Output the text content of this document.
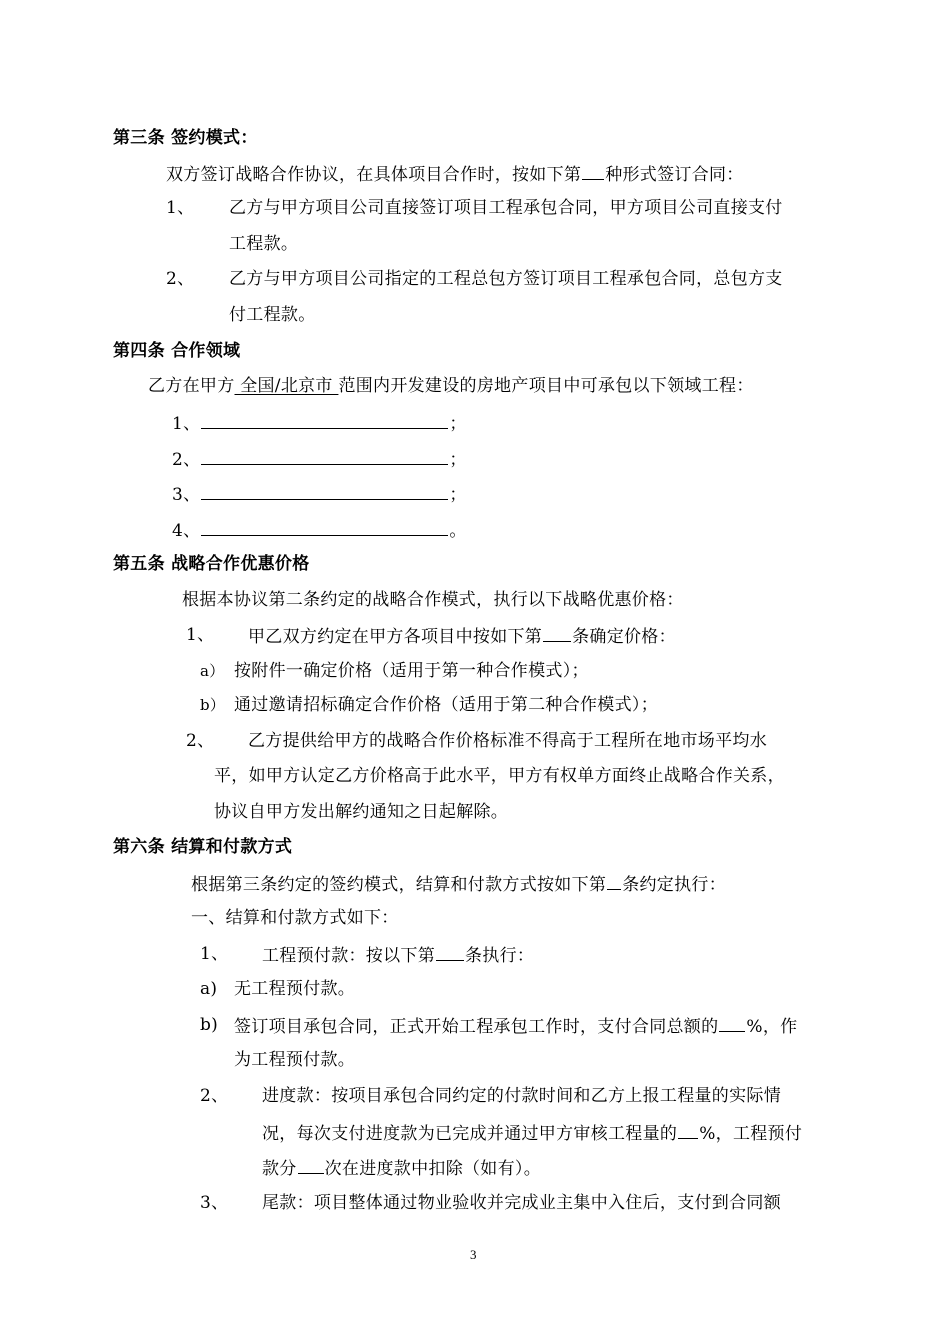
第三条 签约模式：
双方签订战略合作协议，在具体项目合作时，按如下第 种形式签订合同：
1、 乙方与甲方项目公司直接签订项目工程承包合同，甲方项目公司直接支付
工程款。
2、 乙方与甲方项目公司指定的工程总包方签订项目工程承包合同，总包方支
付工程款。
第四条 合作领域
乙方在甲方 全国/北京市 范围内开发建设的房地产项目中可承包以下领域工程：
1、	；
2、	；
3、	；
4、	。
第五条 战略合作优惠价格
根据本协议第二条约定的战略合作模式，执行以下战略优惠价格：
1、 甲乙双方约定在甲方各项目中按如下第 条确定价格：
a） 按附件一确定价格（适用于第一种合作模式）；
b） 通过邀请招标确定合作价格（适用于第二种合作模式）；
2、 乙方提供给甲方的战略合作价格标准不得高于工程所在地市场平均水
平，如甲方认定乙方价格高于此水平，甲方有权单方面终止战略合作关系，
协议自甲方发出解约通知之日起解除。
第六条 结算和付款方式
根据第三条约定的签约模式，结算和付款方式按如下第 条约定执行：
一、结算和付款方式如下：
1、 工程预付款：按以下第 条执行：
a) 无工程预付款。
b) 签订项目承包合同，正式开始工程承包工作时，支付合同总额的 %，作
为工程预付款。
2、 进度款：按项目承包合同约定的付款时间和乙方上报工程量的实际情
况，每次支付进度款为已完成并通过甲方审核工程量的 %，工程预付
款分 次在进度款中扣除（如有）。
3、 尾款：项目整体通过物业验收并完成业主集中入住后，支付到合同额
3
